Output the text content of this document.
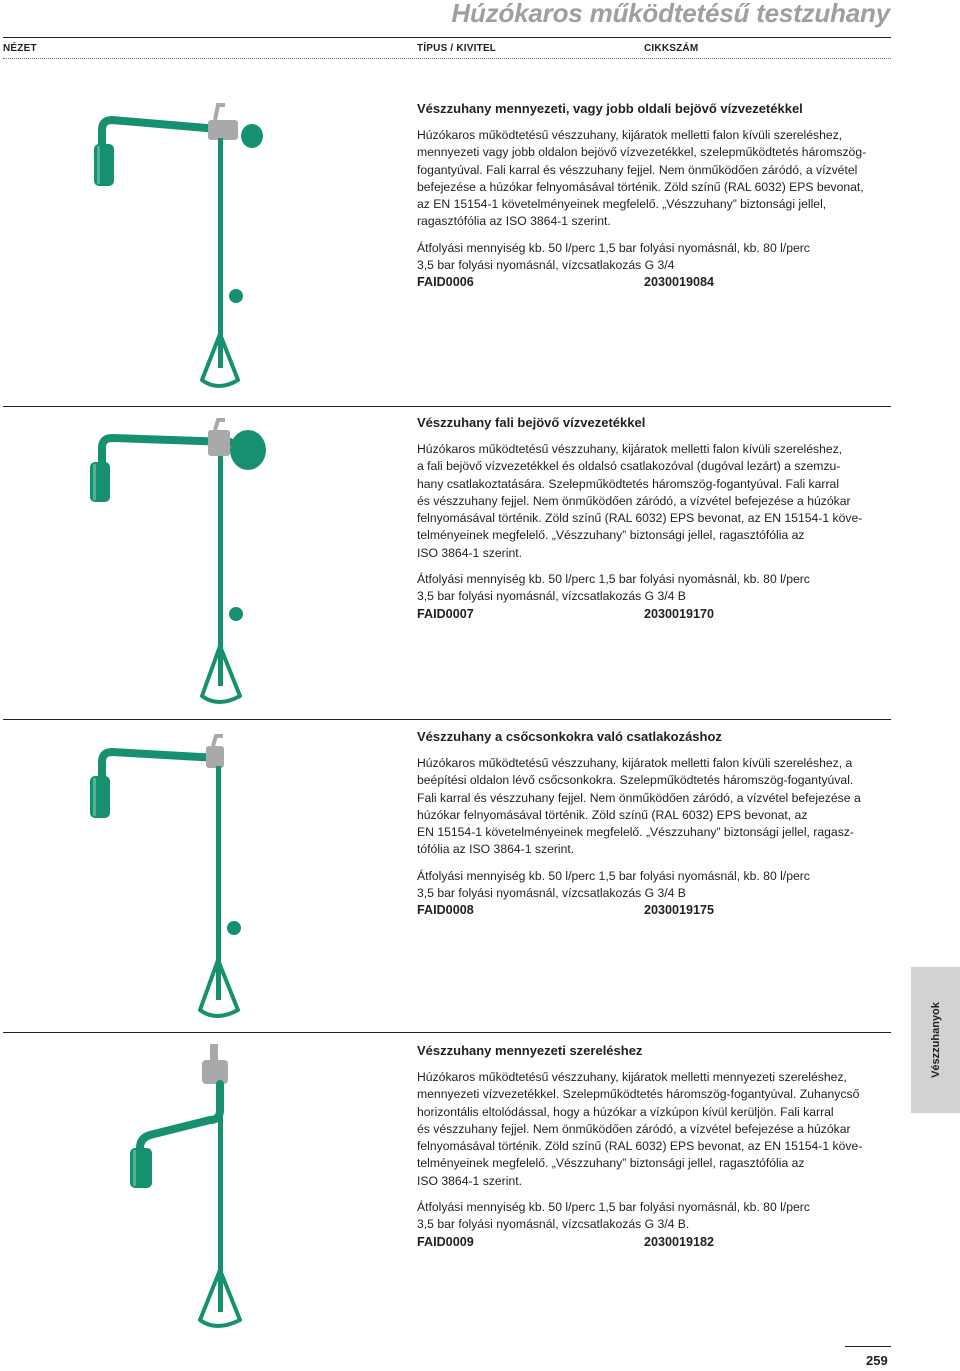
Húzókaros működtetésű testzuhany
NÉZET	TÍPUS / KIVITEL	CIKKSZÁM
Vészzuhany mennyezeti, vagy jobb oldali bejövő vízvezetékkel
Húzókaros működtetésű vészzuhany, kijáratok melletti falon kívüli szereléshez,
mennyezeti vagy jobb oldalon bejövő vízvezetékkel, szelepműködtetés háromszög-
fogantyúval. Fali karral és vészzuhany fejjel. Nem önműködően záródó, a vízvétel
befejezése a húzókar felnyomásával történik. Zöld színű (RAL 6032) EPS bevonat,
az EN 15154-1 követelményeinek megfelelő. „Vészzuhany” biztonsági jellel,
ragasztófólia az ISO 3864-1 szerint.
Átfolyási mennyiség kb. 50 l/perc 1,5 bar folyási nyomásnál, kb. 80 l/perc
3,5 bar folyási nyomásnál, vízcsatlakozás G 3/4
FAID0006	2030019084
Vészzuhany fali bejövő vízvezetékkel
Húzókaros működtetésű vészzuhany, kijáratok melletti falon kívüli szereléshez,
a fali bejövő vízvezetékkel és oldalsó csatlakozóval (dugóval lezárt) a szemzu-
hany csatlakoztatására. Szelepműködtetés háromszög-fogantyúval. Fali karral
és vészzuhany fejjel. Nem önműködően záródó, a vízvétel befejezése a húzókar
felnyomásával történik. Zöld színű (RAL 6032) EPS bevonat, az EN 15154-1 köve-
telményeinek megfelelő. „Vészzuhany” biztonsági jellel, ragasztófólia az
ISO 3864-1 szerint.
Átfolyási mennyiség kb. 50 l/perc 1,5 bar folyási nyomásnál, kb. 80 l/perc
3,5 bar folyási nyomásnál, vízcsatlakozás G 3/4 B
FAID0007	2030019170
Vészzuhany a csőcsonkokra való csatlakozáshoz
Húzókaros működtetésű vészzuhany, kijáratok melletti falon kívüli szereléshez, a
beépítési oldalon lévő csőcsonkokra. Szelepműködtetés háromszög-fogantyúval.
Fali karral és vészzuhany fejjel. Nem önműködően záródó, a vízvétel befejezése a
húzókar felnyomásával történik. Zöld színű (RAL 6032) EPS bevonat, az
EN 15154-1 követelményeinek megfelelő. „Vészzuhany” biztonsági jellel, ragasz-
tófólia az ISO 3864-1 szerint.
Átfolyási mennyiség kb. 50 l/perc 1,5 bar folyási nyomásnál, kb. 80 l/perc
3,5 bar folyási nyomásnál, vízcsatlakozás G 3/4 B
FAID0008	2030019175
Vészzuhany mennyezeti szereléshez
Húzókaros működtetésű vészzuhany, kijáratok melletti mennyezeti szereléshez,
mennyezeti vízvezetékkel. Szelepműködtetés háromszög-fogantyúval. Zuhanycső
horizontális eltolódással, hogy a húzókar a vízkúpon kívül kerüljön. Fali karral
és vészzuhany fejjel. Nem önműködően záródó, a vízvétel befejezése a húzókar
felnyomásával történik. Zöld színű (RAL 6032) EPS bevonat, az EN 15154-1 köve-
telményeinek megfelelő. „Vészzuhany” biztonsági jellel, ragasztófólia az
ISO 3864-1 szerint.
Átfolyási mennyiség kb. 50 l/perc 1,5 bar folyási nyomásnál, kb. 80 l/perc
3,5 bar folyási nyomásnál, vízcsatlakozás G 3/4 B.
FAID0009	2030019182
Vészzuhanyok
259
